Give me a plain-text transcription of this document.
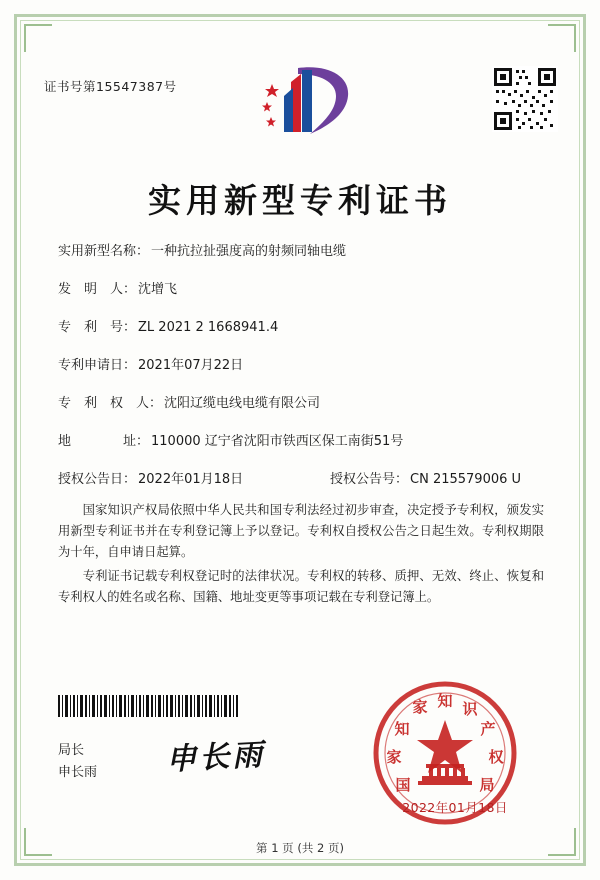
证书号第15547387号
实用新型专利证书
实用新型名称： 一种抗拉扯强度高的射频同轴电缆
发　明　人： 沈增飞
专　利　号： ZL 2021 2 1668941.4
专利申请日： 2021年07月22日
专　利　权　人： 沈阳辽缆电线电缆有限公司
地　　　　址： 110000 辽宁省沈阳市铁西区保工南街51号
授权公告日： 2022年01月18日	授权公告号： CN 215579006 U

国家知识产权局依照中华人民共和国专利法经过初步审查，决定授予专利权，颁发实用新型专利证书并在专利登记簿上予以登记。专利权自授权公告之日起生效。专利权期限为十年，自申请日起算。

专利证书记载专利权登记时的法律状况。专利权的转移、质押、无效、终止、恢复和专利权人的姓名或名称、国籍、地址变更等事项记载在专利登记簿上。

局长
申长雨	申长雨
知 识
产
权
局
国
家
知
家
2022年01月18日
第 1 页 (共 2 页)
